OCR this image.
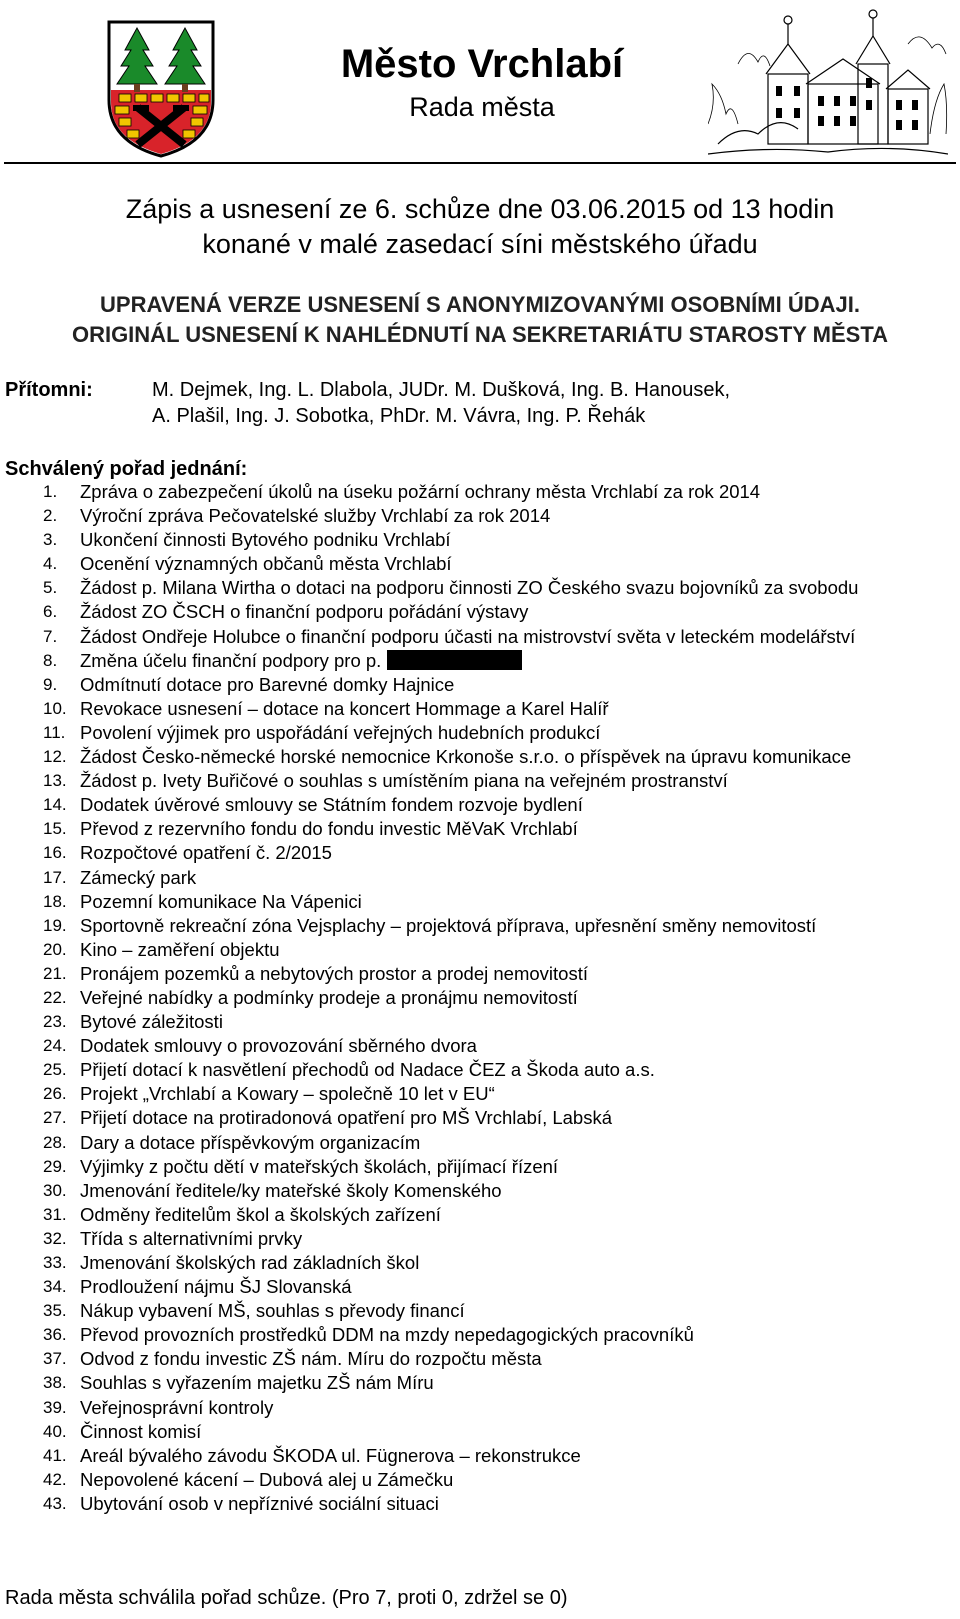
Město Vrchlabí
Rada města
Zápis a usnesení ze 6. schůze dne 03.06.2015 od 13 hodin
konané v malé zasedací síni městského úřadu
UPRAVENÁ VERZE USNESENÍ S ANONYMIZOVANÝMI OSOBNÍMI ÚDAJI.
ORIGINÁL USNESENÍ K NAHLÉDNUTÍ NA SEKRETARIÁTU STAROSTY MĚSTA
Přítomni:	M. Dejmek, Ing. L. Dlabola, JUDr. M. Dušková, Ing. B. Hanousek,
A. Plašil, Ing. J. Sobotka, PhDr. M. Vávra, Ing. P. Řehák
Schválený pořad jednání:
1. Zpráva o zabezpečení úkolů na úseku požární ochrany města Vrchlabí za rok 2014
2. Výroční zpráva Pečovatelské služby Vrchlabí za rok 2014
3. Ukončení činnosti Bytového podniku Vrchlabí
4. Ocenění významných občanů města Vrchlabí
5. Žádost p. Milana Wirtha o dotaci na podporu činnosti ZO Českého svazu bojovníků za svobodu
6. Žádost ZO ČSCH o finanční podporu pořádání výstavy
7. Žádost Ondřeje Holubce o finanční podporu účasti na mistrovství světa v leteckém modelářství
8. Změna účelu finanční podpory pro p.
9. Odmítnutí dotace pro Barevné domky Hajnice
10. Revokace usnesení – dotace na koncert Hommage a Karel Halíř
11. Povolení výjimek pro uspořádání veřejných hudebních produkcí
12. Žádost Česko-německé horské nemocnice Krkonoše s.r.o. o příspěvek na úpravu komunikace
13. Žádost p. Ivety Buřičové o souhlas s umístěním piana na veřejném prostranství
14. Dodatek úvěrové smlouvy se Státním fondem rozvoje bydlení
15. Převod z rezervního fondu do fondu investic MěVaK Vrchlabí
16. Rozpočtové opatření č. 2/2015
17. Zámecký park
18. Pozemní komunikace Na Vápenici
19. Sportovně rekreační zóna Vejsplachy – projektová příprava, upřesnění směny nemovitostí
20. Kino – zaměření objektu
21. Pronájem pozemků a nebytových prostor a prodej nemovitostí
22. Veřejné nabídky a podmínky prodeje a pronájmu nemovitostí
23. Bytové záležitosti
24. Dodatek smlouvy o provozování sběrného dvora
25. Přijetí dotací k nasvětlení přechodů od Nadace ČEZ a Škoda auto a.s.
26. Projekt „Vrchlabí a Kowary – společně 10 let v EU“
27. Přijetí dotace na protiradonová opatření pro MŠ Vrchlabí, Labská
28. Dary a dotace příspěvkovým organizacím
29. Výjimky z počtu dětí v mateřských školách, přijímací řízení
30. Jmenování ředitele/ky mateřské školy Komenského
31. Odměny ředitelům škol a školských zařízení
32. Třída s alternativními prvky
33. Jmenování školských rad základních škol
34. Prodloužení nájmu ŠJ Slovanská
35. Nákup vybavení MŠ, souhlas s převody financí
36. Převod provozních prostředků DDM na mzdy nepedagogických pracovníků
37. Odvod z fondu investic ZŠ nám. Míru do rozpočtu města
38. Souhlas s vyřazením majetku ZŠ nám Míru
39. Veřejnosprávní kontroly
40. Činnost komisí
41. Areál bývalého závodu ŠKODA ul. Fügnerova – rekonstrukce
42. Nepovolené kácení – Dubová alej u Zámečku
43. Ubytování osob v nepříznivé sociální situaci
Rada města schválila pořad schůze. (Pro 7, proti 0, zdržel se 0)
